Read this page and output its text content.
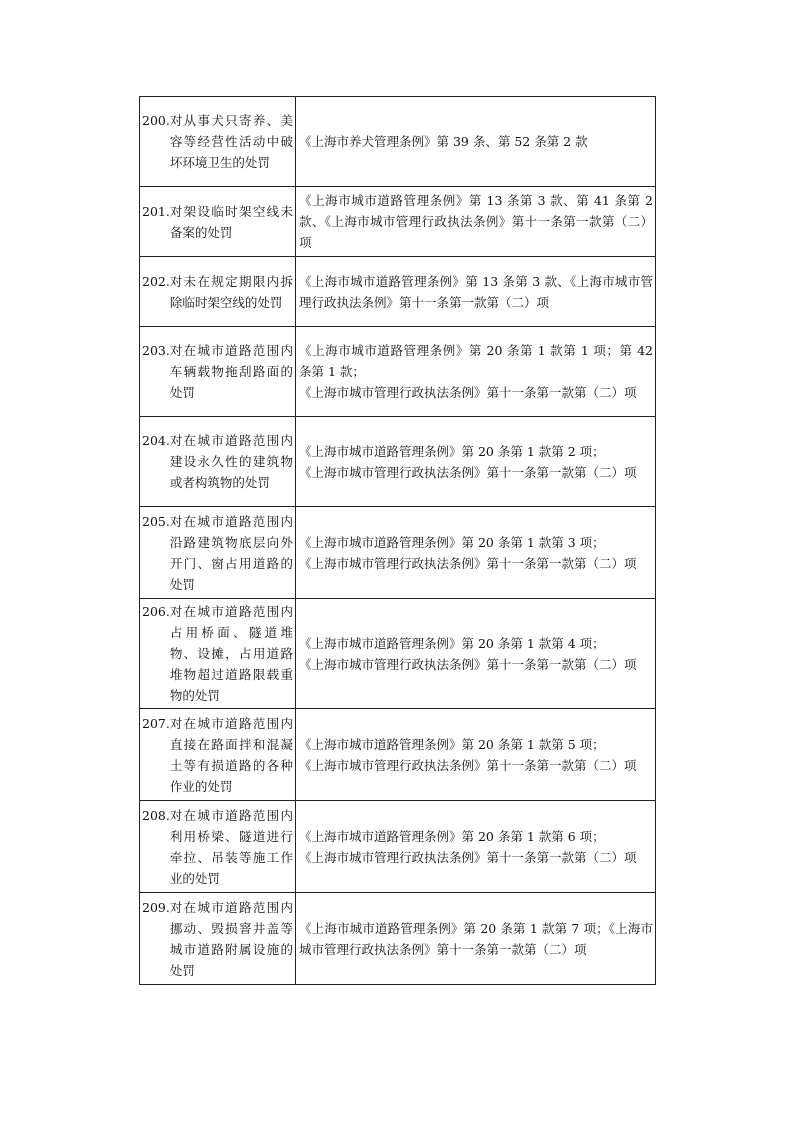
200. 对从事犬只寄养、美容等经营性活动中破坏环境卫生的处罚	《上海市养犬管理条例》第 39 条、第 52 条第 2 款

201. 对架设临时架空线未备案的处罚	《上海市城市道路管理条例》第 13 条第 3 款、第 41 条第 2 款、《上海市城市管理行政执法条例》第十一条第一款第（二）项

202. 对未在规定期限内拆除临时架空线的处罚	《上海市城市道路管理条例》第 13 条第 3 款、《上海市城市管理行政执法条例》第十一条第一款第（二）项

203. 对在城市道路范围内车辆载物拖刮路面的处罚	《上海市城市道路管理条例》第 20 条第 1 款第 1 项；第 42 条第 1 款；
《上海市城市管理行政执法条例》第十一条第一款第（二）项

204. 对在城市道路范围内建设永久性的建筑物或者构筑物的处罚	《上海市城市道路管理条例》第 20 条第 1 款第 2 项；
《上海市城市管理行政执法条例》第十一条第一款第（二）项

205. 对在城市道路范围内沿路建筑物底层向外开门、窗占用道路的处罚	《上海市城市道路管理条例》第 20 条第 1 款第 3 项；
《上海市城市管理行政执法条例》第十一条第一款第（二）项

206. 对在城市道路范围内占用桥面、隧道堆物、设摊，占用道路堆物超过道路限载重物的处罚	《上海市城市道路管理条例》第 20 条第 1 款第 4 项；
《上海市城市管理行政执法条例》第十一条第一款第（二）项

207. 对在城市道路范围内直接在路面拌和混凝土等有损道路的各种作业的处罚	《上海市城市道路管理条例》第 20 条第 1 款第 5 项；
《上海市城市管理行政执法条例》第十一条第一款第（二）项

208. 对在城市道路范围内利用桥梁、隧道进行牵拉、吊装等施工作业的处罚	《上海市城市道路管理条例》第 20 条第 1 款第 6 项；
《上海市城市管理行政执法条例》第十一条第一款第（二）项

209. 对在城市道路范围内挪动、毁损窨井盖等城市道路附属设施的处罚	《上海市城市道路管理条例》第 20 条第 1 款第 7 项；《上海市城市管理行政执法条例》第十一条第一款第（二）项
